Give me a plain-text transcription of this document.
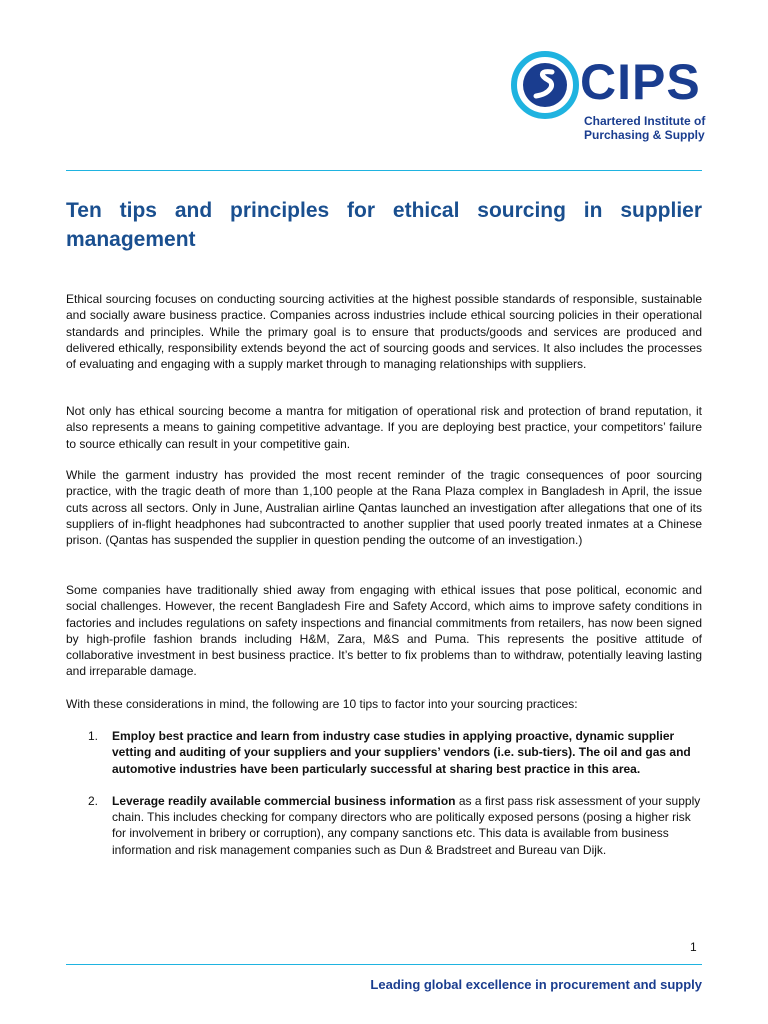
CIPS
Chartered Institute of
Purchasing & Supply
Ten tips and principles for ethical sourcing in supplier management

Ethical sourcing focuses on conducting sourcing activities at the highest possible standards of responsible, sustainable and socially aware business practice. Companies across industries include ethical sourcing policies in their operational standards and principles. While the primary goal is to ensure that products/goods and services are produced and delivered ethically, responsibility extends beyond the act of sourcing goods and services. It also includes the processes of evaluating and engaging with a supply market through to managing relationships with suppliers.

Not only has ethical sourcing become a mantra for mitigation of operational risk and protection of brand reputation, it also represents a means to gaining competitive advantage. If you are deploying best practice, your competitors’ failure to source ethically can result in your competitive gain.

While the garment industry has provided the most recent reminder of the tragic consequences of poor sourcing practice, with the tragic death of more than 1,100 people at the Rana Plaza complex in Bangladesh in April, the issue cuts across all sectors. Only in June, Australian airline Qantas launched an investigation after allegations that one of its suppliers of in-flight headphones had subcontracted to another supplier that used poorly treated inmates at a Chinese prison. (Qantas has suspended the supplier in question pending the outcome of an investigation.)

Some companies have traditionally shied away from engaging with ethical issues that pose political, economic and social challenges. However, the recent Bangladesh Fire and Safety Accord, which aims to improve safety conditions in factories and includes regulations on safety inspections and financial commitments from retailers, has now been signed by high-profile fashion brands including H&M, Zara, M&S and Puma. This represents the positive attitude of collaborative investment in best business practice. It’s better to fix problems than to withdraw, potentially leaving lasting and irreparable damage.

With these considerations in mind, the following are 10 tips to factor into your sourcing practices:

1. Employ best practice and learn from industry case studies in applying proactive, dynamic supplier vetting and auditing of your suppliers and your suppliers’ vendors (i.e. sub-tiers). The oil and gas and automotive industries have been particularly successful at sharing best practice in this area.
2. Leverage readily available commercial business information as a first pass risk assessment of your supply chain. This includes checking for company directors who are politically exposed persons (posing a higher risk for involvement in bribery or corruption), any company sanctions etc. This data is available from business information and risk management companies such as Dun & Bradstreet and Bureau van Dijk.
1
Leading global excellence in procurement and supply
